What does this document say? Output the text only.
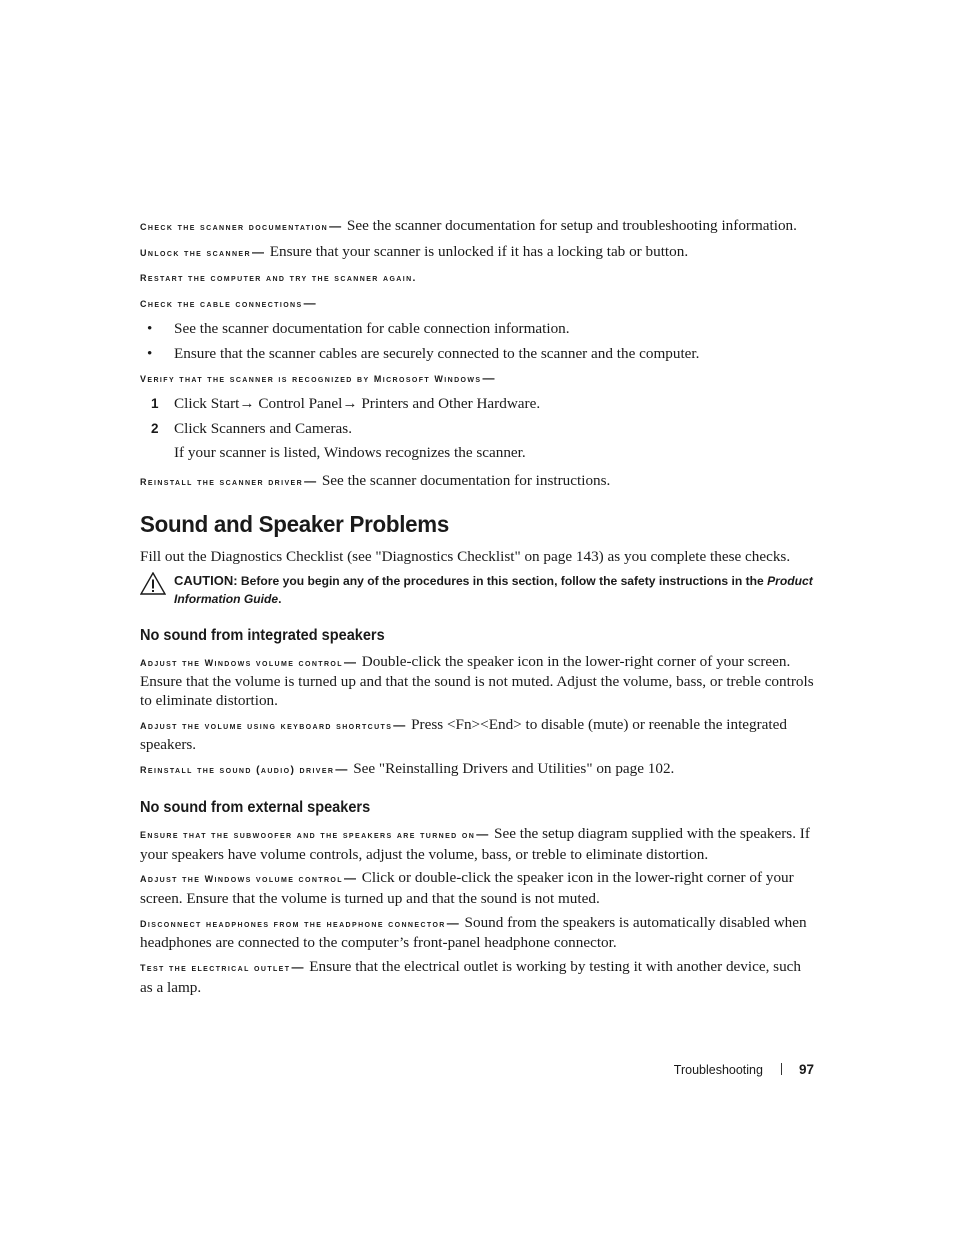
check the scanner documentation— See the scanner documentation for setup and troubleshooting information.

unlock the scanner— Ensure that your scanner is unlocked if it has a locking tab or button.

restart the computer and try the scanner again.

check the cable connections—

• See the scanner documentation for cable connection information.
• Ensure that the scanner cables are securely connected to the scanner and the computer.

verify that the scanner is recognized by microsoft windows—

1 Click Start→ Control Panel→ Printers and Other Hardware.
2 Click Scanners and Cameras.

If your scanner is listed, Windows recognizes the scanner.

reinstall the scanner driver— See the scanner documentation for instructions.

Sound and Speaker Problems

Fill out the Diagnostics Checklist (see "Diagnostics Checklist" on page 143) as you complete these checks.

CAUTION: Before you begin any of the procedures in this section, follow the safety instructions in the Product Information Guide.
No sound from integrated speakers

adjust the windows volume control— Double-click the speaker icon in the lower-right corner of your screen. Ensure that the volume is turned up and that the sound is not muted. Adjust the volume, bass, or treble controls to eliminate distortion.

adjust the volume using keyboard shortcuts— Press <Fn><End> to disable (mute) or reenable the integrated speakers.

reinstall the sound (audio) driver— See "Reinstalling Drivers and Utilities" on page 102.

No sound from external speakers

ensure that the subwoofer and the speakers are turned on— See the setup diagram supplied with the speakers. If your speakers have volume controls, adjust the volume, bass, or treble to eliminate distortion.

adjust the windows volume control— Click or double-click the speaker icon in the lower-right corner of your screen. Ensure that the volume is turned up and that the sound is not muted.

disconnect headphones from the headphone connector— Sound from the speakers is automatically disabled when headphones are connected to the computer’s front-panel headphone connector.

test the electrical outlet— Ensure that the electrical outlet is working by testing it with another device, such as a lamp.

Troubleshooting	97
